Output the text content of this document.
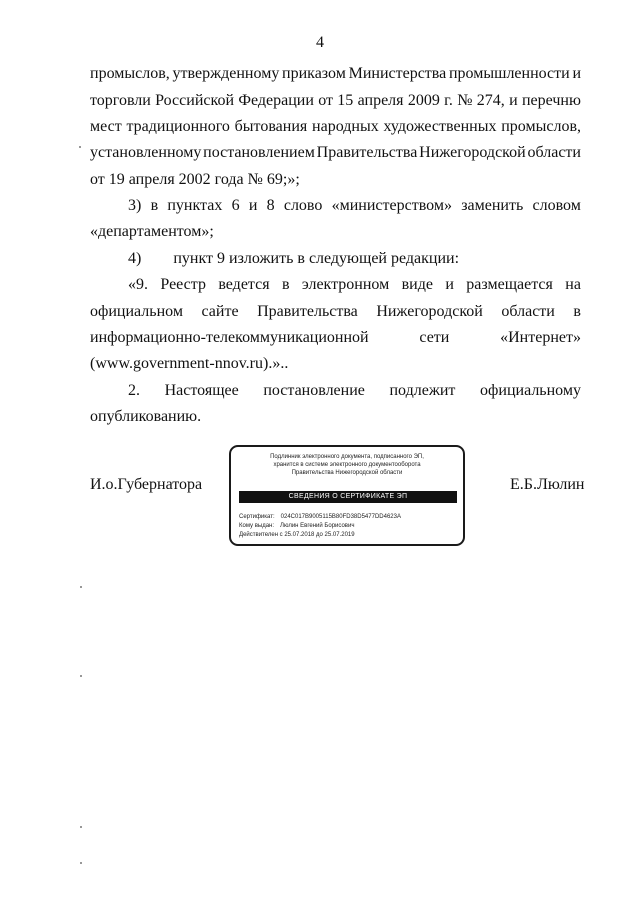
4
промыслов, утвержденному приказом Министерства промышленности и
торговли Российской Федерации от 15 апреля 2009 г. № 274, и перечню
мест традиционного бытования народных художественных промыслов,
установленному постановлением Правительства Нижегородской области
от 19 апреля 2002 года № 69;»;
3) в пунктах 6 и 8 слово «министерством» заменить словом
«департаментом»;
4)        пункт 9 изложить в следующей редакции:
«9. Реестр ведется в электронном виде и размещается на
официальном сайте Правительства Нижегородской области в
информационно-телекоммуникационной	сети	«Интернет»
(www.government-nnov.ru).»..
2. Настоящее постановление подлежит официальному
опубликованию.
И.о.Губернатора	Е.Б.Люлин
Подлинник электронного документа, подписанного ЭП,
хранится в системе электронного документооборота
Правительства Нижегородской области
СВЕДЕНИЯ О СЕРТИФИКАТЕ ЭП
Сертификат: 024C017B9005115B80FD38D5477DD4623A
Кому выдан: Люлин Евгений Борисович
Действителен с 25.07.2018 до 25.07.2019
